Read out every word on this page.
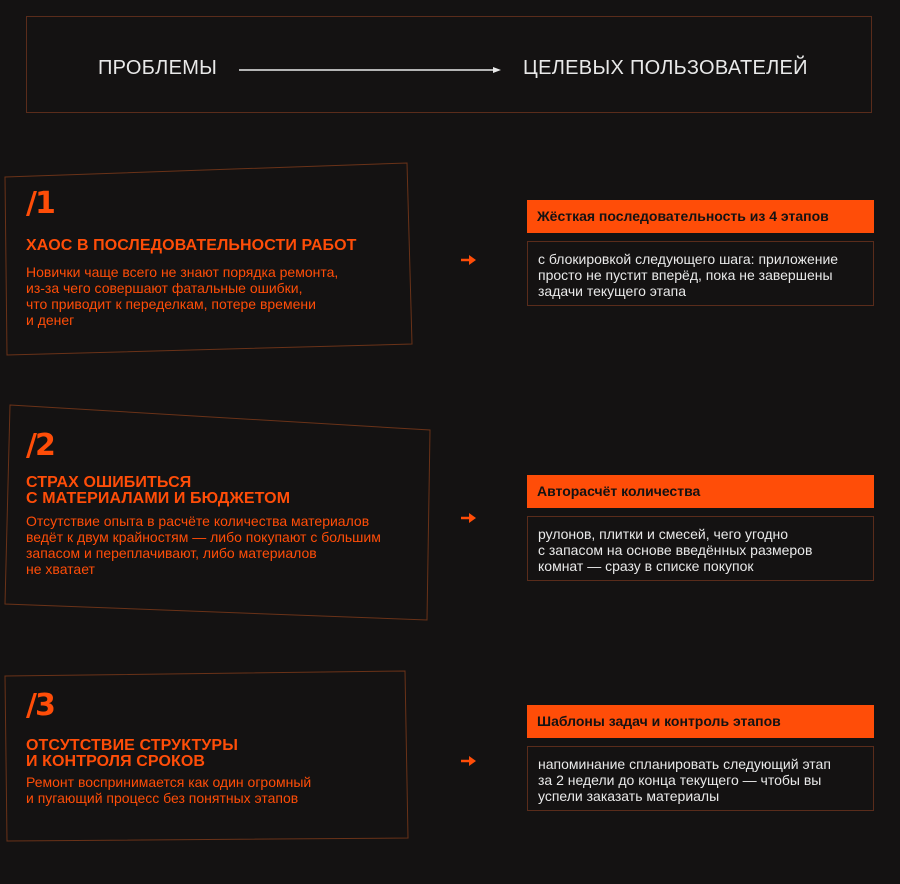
ПРОБЛЕМЫ	ЦЕЛЕВЫХ ПОЛЬЗОВАТЕЛЕЙ
/1
ХАОС В ПОСЛЕДОВАТЕЛЬНОСТИ РАБОТ
Новички чаще всего не знают порядка ремонта,
из-за чего совершают фатальные ошибки,
что приводит к переделкам, потере времени
и денег
Жёсткая последовательность из 4 этапов
с блокировкой следующего шага: приложение
просто не пустит вперёд, пока не завершены
задачи текущего этапа
/2
СТРАХ ОШИБИТЬСЯ
С МАТЕРИАЛАМИ И БЮДЖЕТОМ
Отсутствие опыта в расчёте количества материалов
ведёт к двум крайностям — либо покупают с большим
запасом и переплачивают, либо материалов
не хватает
Авторасчёт количества
рулонов, плитки и смесей, чего угодно
с запасом на основе введённых размеров
комнат — сразу в списке покупок
/3
ОТСУТСТВИЕ СТРУКТУРЫ
И КОНТРОЛЯ СРОКОВ
Ремонт воспринимается как один огромный
и пугающий процесс без понятных этапов
Шаблоны задач и контроль этапов
напоминание спланировать следующий этап
за 2 недели до конца текущего — чтобы вы
успели заказать материалы
